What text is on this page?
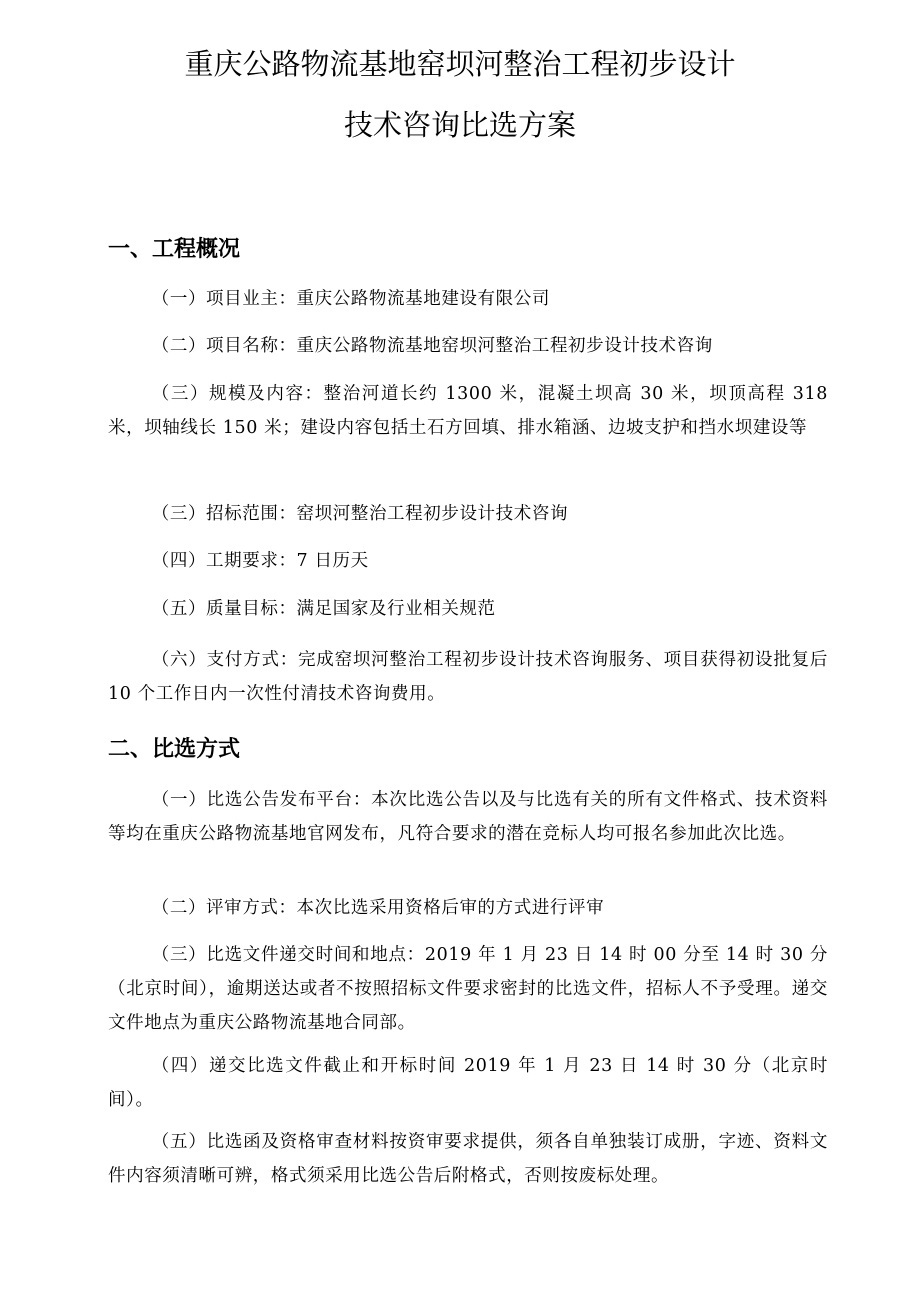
重庆公路物流基地窑坝河整治工程初步设计
技术咨询比选方案
一、工程概况
（一）项目业主：重庆公路物流基地建设有限公司
（二）项目名称：重庆公路物流基地窑坝河整治工程初步设计技术咨询
（三）规模及内容：整治河道长约 1300 米，混凝土坝高 30 米，坝顶高程 318 米，坝轴线长 150 米；建设内容包括土石方回填、排水箱涵、边坡支护和挡水坝建设等
（三）招标范围：窑坝河整治工程初步设计技术咨询
（四）工期要求：7 日历天
（五）质量目标：满足国家及行业相关规范
（六）支付方式：完成窑坝河整治工程初步设计技术咨询服务、项目获得初设批复后 10 个工作日内一次性付清技术咨询费用。
二、比选方式
（一）比选公告发布平台：本次比选公告以及与比选有关的所有文件格式、技术资料等均在重庆公路物流基地官网发布，凡符合要求的潜在竞标人均可报名参加此次比选。
（二）评审方式：本次比选采用资格后审的方式进行评审
（三）比选文件递交时间和地点：2019 年 1 月 23 日 14 时 00 分至 14 时 30 分（北京时间），逾期送达或者不按照招标文件要求密封的比选文件，招标人不予受理。递交文件地点为重庆公路物流基地合同部。
（四）递交比选文件截止和开标时间 2019 年 1 月 23 日 14 时 30 分（北京时间）。
（五）比选函及资格审查材料按资审要求提供，须各自单独装订成册，字迹、资料文件内容须清晰可辨，格式须采用比选公告后附格式，否则按废标处理。
